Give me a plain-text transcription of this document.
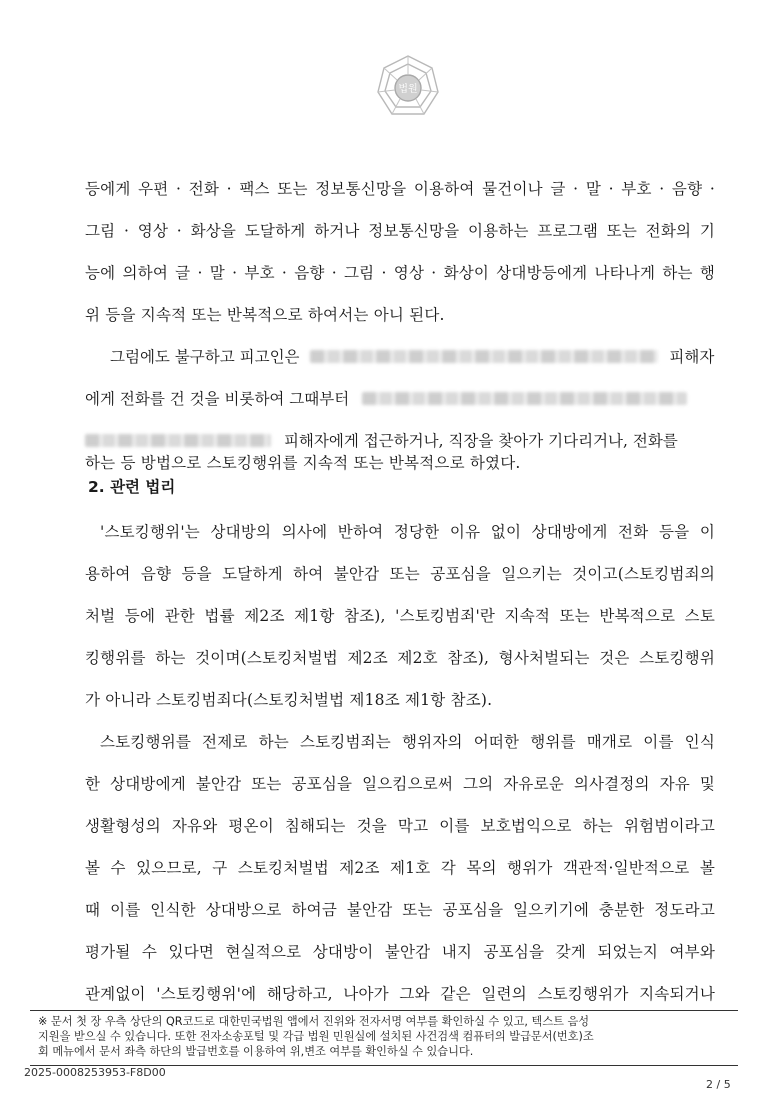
법원
등에게 우편 · 전화 · 팩스 또는 정보통신망을 이용하여 물건이나 글 · 말 · 부호 · 음향 ·
그림 · 영상 · 화상을 도달하게 하거나 정보통신망을 이용하는 프로그램 또는 전화의 기
능에 의하여 글 · 말 · 부호 · 음향 · 그림 · 영상 · 화상이 상대방등에게 나타나게 하는 행
위 등을 지속적 또는 반복적으로 하여서는 아니 된다.
그럼에도 불구하고 피고인은	피해자
에게 전화를 건 것을 비롯하여 그때부터
피해자에게 접근하거나, 직장을 찾아가 기다리거나, 전화를
하는 등 방법으로 스토킹행위를 지속적 또는 반복적으로 하였다.
2. 관련 법리
'스토킹행위'는 상대방의 의사에 반하여 정당한 이유 없이 상대방에게 전화 등을 이
용하여 음향 등을 도달하게 하여 불안감 또는 공포심을 일으키는 것이고(스토킹범죄의
처벌 등에 관한 법률 제2조 제1항 참조), '스토킹범죄'란 지속적 또는 반복적으로 스토
킹행위를 하는 것이며(스토킹처벌법 제2조 제2호 참조), 형사처벌되는 것은 스토킹행위
가 아니라 스토킹범죄다(스토킹처벌법 제18조 제1항 참조).
스토킹행위를 전제로 하는 스토킹범죄는 행위자의 어떠한 행위를 매개로 이를 인식
한 상대방에게 불안감 또는 공포심을 일으킴으로써 그의 자유로운 의사결정의 자유 및
생활형성의 자유와 평온이 침해되는 것을 막고 이를 보호법익으로 하는 위험범이라고
볼 수 있으므로, 구 스토킹처벌법 제2조 제1호 각 목의 행위가 객관적·일반적으로 볼
때 이를 인식한 상대방으로 하여금 불안감 또는 공포심을 일으키기에 충분한 정도라고
평가될 수 있다면 현실적으로 상대방이 불안감 내지 공포심을 갖게 되었는지 여부와
관계없이 '스토킹행위'에 해당하고, 나아가 그와 같은 일련의 스토킹행위가 지속되거나
※ 문서 첫 장 우측 상단의 QR코드로 대한민국법원 앱에서 진위와 전자서명 여부를 확인하실 수 있고, 텍스트 음성
지원을 받으실 수 있습니다. 또한 전자소송포털 및 각급 법원 민원실에 설치된 사건검색 컴퓨터의 발급문서(번호)조
회 메뉴에서 문서 좌측 하단의 발급번호를 이용하여 위,변조 여부를 확인하실 수 있습니다.
2025-0008253953-F8D00
2 / 5
